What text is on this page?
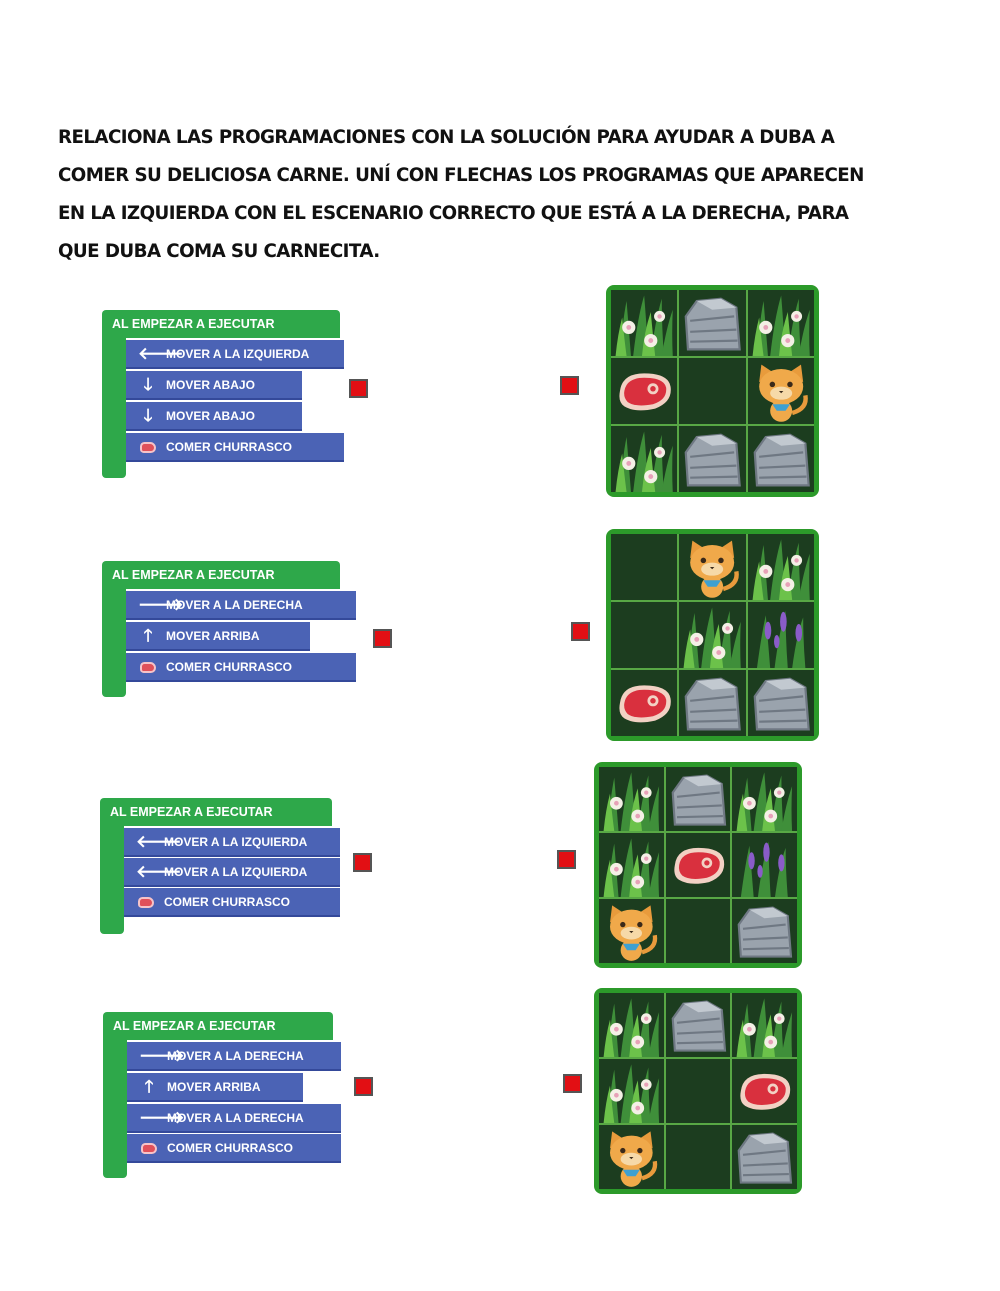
RELACIONA LAS PROGRAMACIONES CON LA SOLUCIÓN PARA AYUDAR A DUBA A COMER SU DELICIOSA CARNE. UNÍ CON FLECHAS LOS PROGRAMAS QUE APARECEN EN LA IZQUIERDA CON EL ESCENARIO CORRECTO QUE ESTÁ A LA DERECHA, PARA QUE DUBA COMA SU CARNECITA.

AL EMPEZAR A EJECUTAR
🡐
MOVER A LA IZQUIERDA
🡓	MOVER ABAJO
🡓	MOVER ABAJO
COMER CHURRASCO
AL EMPEZAR A EJECUTAR
🡒
MOVER A LA DERECHA
🡑	MOVER ARRIBA
COMER CHURRASCO
AL EMPEZAR A EJECUTAR
🡐
MOVER A LA IZQUIERDA
🡐
MOVER A LA IZQUIERDA
COMER CHURRASCO
AL EMPEZAR A EJECUTAR
🡒
MOVER A LA DERECHA
🡑	MOVER ARRIBA
🡒
MOVER A LA DERECHA
COMER CHURRASCO
